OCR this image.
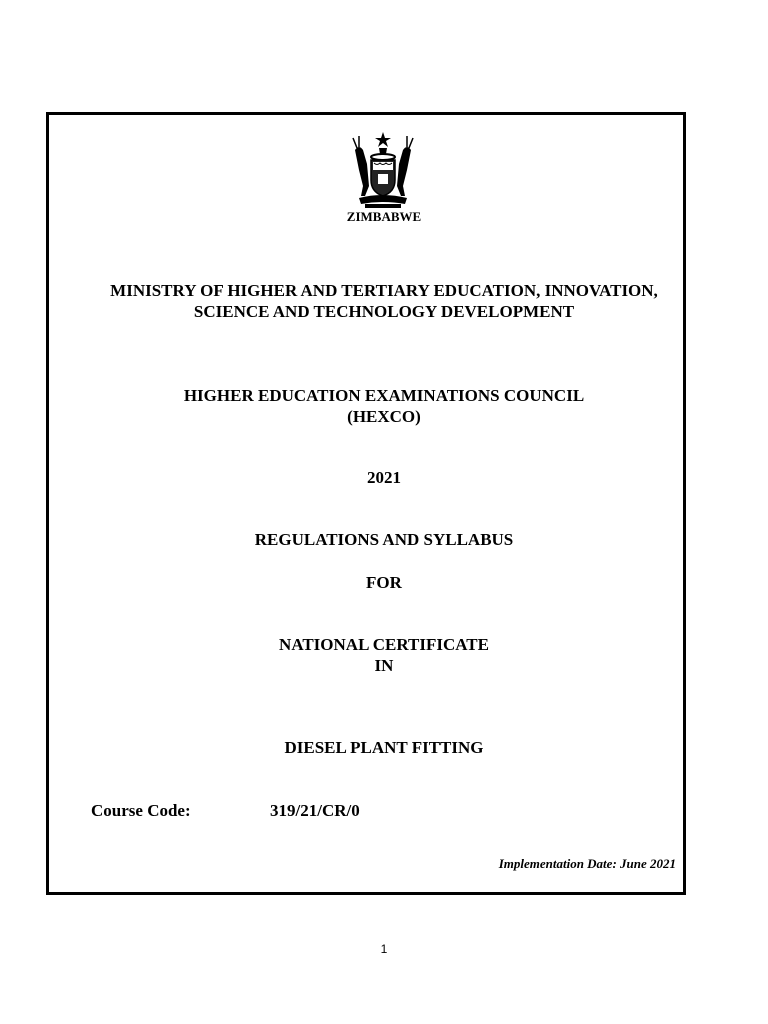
ZIMBABWE
MINISTRY OF HIGHER AND TERTIARY EDUCATION, INNOVATION,
SCIENCE AND TECHNOLOGY DEVELOPMENT
HIGHER EDUCATION EXAMINATIONS COUNCIL
(HEXCO)
2021
REGULATIONS AND SYLLABUS
FOR
NATIONAL CERTIFICATE
IN
DIESEL PLANT FITTING
Course Code:	319/21/CR/0
Implementation Date: June 2021
1
